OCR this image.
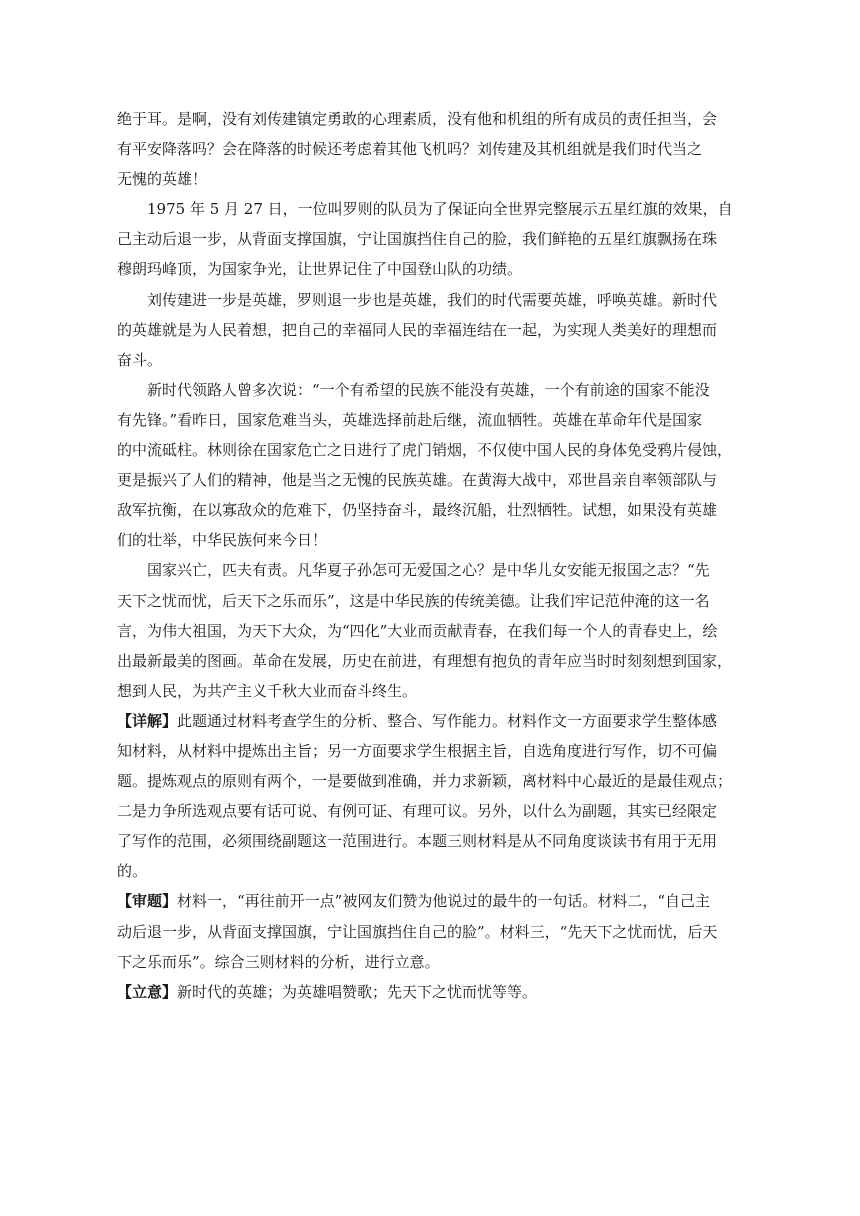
绝于耳。是啊，没有刘传建镇定勇敢的心理素质，没有他和机组的所有成员的责任担当，会
有平安降落吗？会在降落的时候还考虑着其他飞机吗？刘传建及其机组就是我们时代当之
无愧的英雄！
1975 年 5 月 27 日，一位叫罗则的队员为了保证向全世界完整展示五星红旗的效果，自
己主动后退一步，从背面支撑国旗，宁让国旗挡住自己的脸，我们鲜艳的五星红旗飘扬在珠
穆朗玛峰顶，为国家争光，让世界记住了中国登山队的功绩。
刘传建进一步是英雄，罗则退一步也是英雄，我们的时代需要英雄，呼唤英雄。新时代
的英雄就是为人民着想，把自己的幸福同人民的幸福连结在一起，为实现人类美好的理想而
奋斗。
新时代领路人曾多次说：“一个有希望的民族不能没有英雄，一个有前途的国家不能没
有先锋。”看昨日，国家危难当头，英雄选择前赴后继，流血牺牲。英雄在革命年代是国家
的中流砥柱。林则徐在国家危亡之日进行了虎门销烟，不仅使中国人民的身体免受鸦片侵蚀，
更是振兴了人们的精神，他是当之无愧的民族英雄。在黄海大战中，邓世昌亲自率领部队与
敌军抗衡，在以寡敌众的危难下，仍坚持奋斗，最终沉船，壮烈牺牲。试想，如果没有英雄
们的壮举，中华民族何来今日！
国家兴亡，匹夫有责。凡华夏子孙怎可无爱国之心？是中华儿女安能无报国之志？“先
天下之忧而忧，后天下之乐而乐”，这是中华民族的传统美德。让我们牢记范仲淹的这一名
言，为伟大祖国，为天下大众，为“四化”大业而贡献青春，在我们每一个人的青春史上，绘
出最新最美的图画。革命在发展，历史在前进，有理想有抱负的青年应当时时刻刻想到国家，
想到人民，为共产主义千秋大业而奋斗终生。
【详解】此题通过材料考查学生的分析、整合、写作能力。材料作文一方面要求学生整体感
知材料，从材料中提炼出主旨；另一方面要求学生根据主旨，自选角度进行写作，切不可偏
题。提炼观点的原则有两个，一是要做到准确，并力求新颖，离材料中心最近的是最佳观点；
二是力争所选观点要有话可说、有例可证、有理可议。另外，以什么为副题，其实已经限定
了写作的范围，必须围绕副题这一范围进行。本题三则材料是从不同角度谈读书有用于无用
的。
【审题】材料一，“再往前开一点”被网友们赞为他说过的最牛的一句话。材料二，“自己主
动后退一步，从背面支撑国旗，宁让国旗挡住自己的脸”。材料三，“先天下之忧而忧，后天
下之乐而乐”。综合三则材料的分析，进行立意。
【立意】新时代的英雄；为英雄唱赞歌；先天下之忧而忧等等。
